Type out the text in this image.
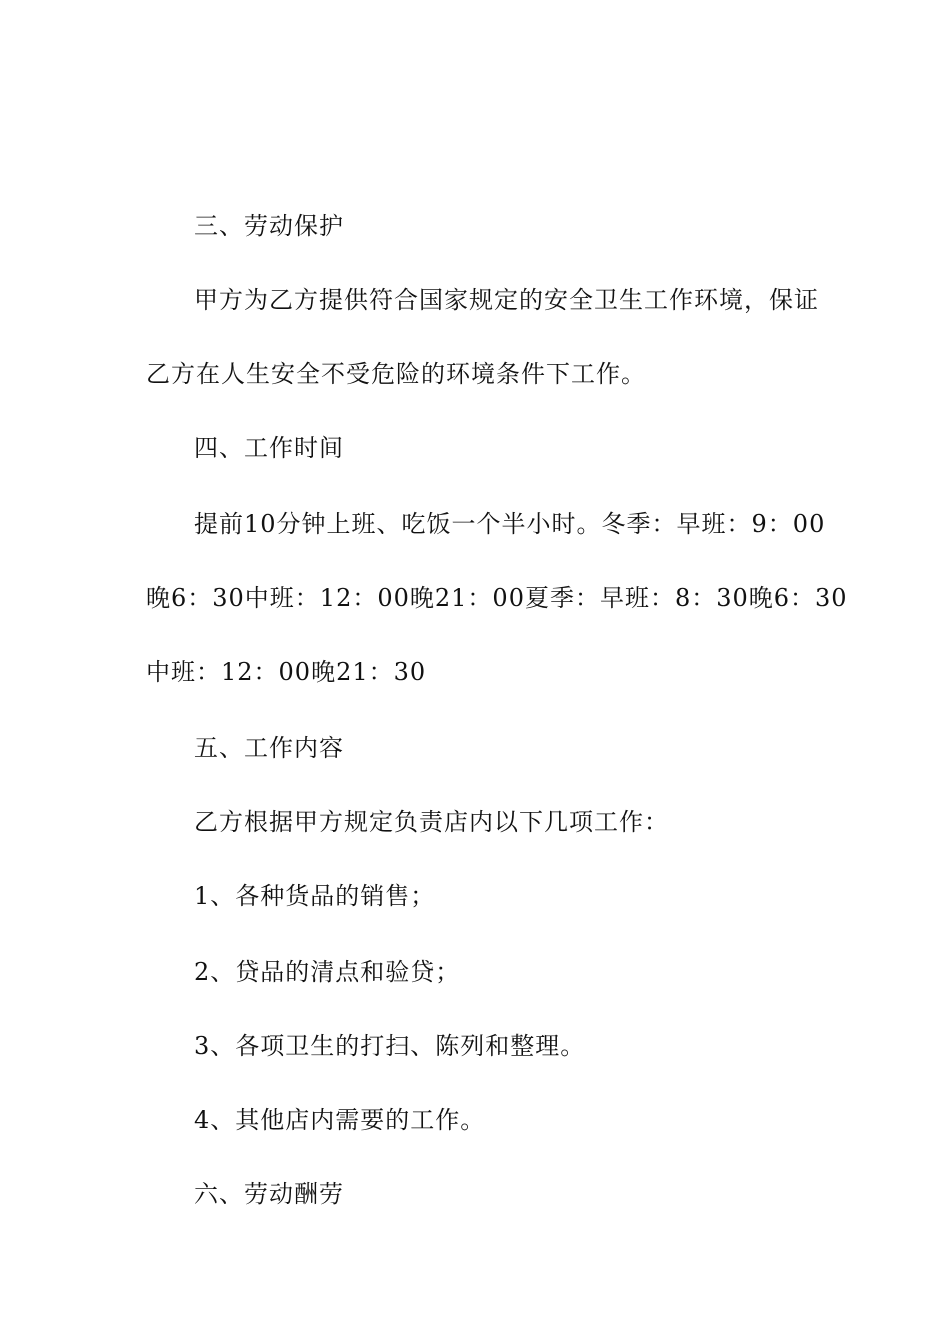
三、劳动保护
甲方为乙方提供符合国家规定的安全卫生工作环境，保证
乙方在人生安全不受危险的环境条件下工作。
四、工作时间
提前10分钟上班、吃饭一个半小时。冬季：早班：9：00
晚6：30中班：12：00晚21：00夏季：早班：8：30晚6：30
中班：12：00晚21：30
五、工作内容
乙方根据甲方规定负责店内以下几项工作：
1、各种货品的销售；
2、贷品的清点和验贷；
3、各项卫生的打扫、陈列和整理。
4、其他店内需要的工作。
六、劳动酬劳
